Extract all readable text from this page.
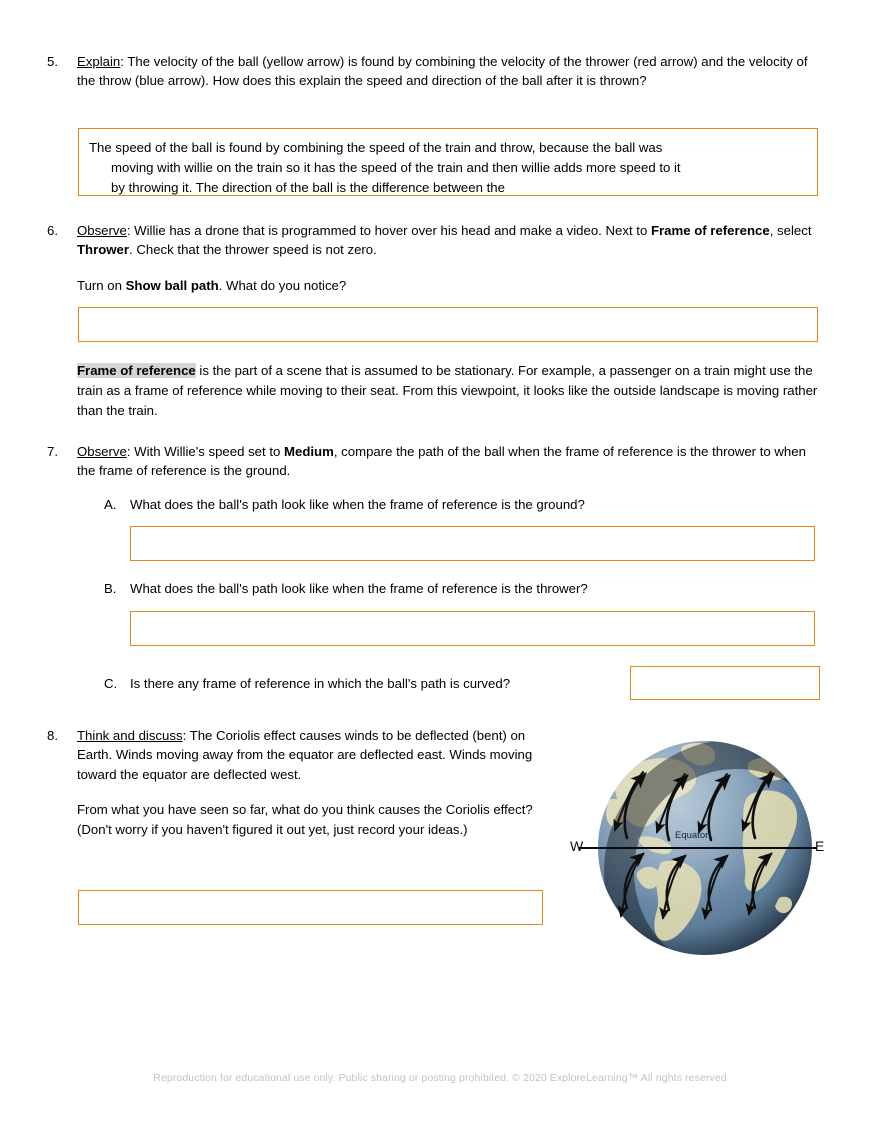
5.	Explain: The velocity of the ball (yellow arrow) is found by combining the velocity of the thrower (red arrow) and the velocity of the throw (blue arrow). How does this explain the speed and direction of the ball after it is thrown?

The speed of the ball is found by combining the speed of the train and throw, because the ball was
moving with willie on the train so it has the speed of the train and then willie adds more speed to it
by throwing it. The direction of the ball is the difference between the
6.	Observe: Willie has a drone that is programmed to hover over his head and make a video. Next to Frame of reference, select Thrower. Check that the thrower speed is not zero.

Turn on Show ball path. What do you notice?

Frame of reference is the part of a scene that is assumed to be stationary. For example, a passenger on a train might use the train as a frame of reference while moving to their seat. From this viewpoint, it looks like the outside landscape is moving rather than the train.
7.	Observe: With Willie's speed set to Medium, compare the path of the ball when the frame of reference is the thrower to when the frame of reference is the ground.

A.	What does the ball's path look like when the frame of reference is the ground?
B.	What does the ball's path look like when the frame of reference is the thrower?
C. Is there any frame of reference in which the ball's path is curved?
8.	Think and discuss: The Coriolis effect causes winds to be deflected (bent) on Earth. Winds moving away from the equator are deflected east. Winds moving toward the equator are deflected west.

From what you have seen so far, what do you think causes the Coriolis effect? (Don't worry if you haven't figured it out yet, just record your ideas.)

W	E
Equator
Reproduction for educational use only. Public sharing or posting prohibited. © 2020 ExploreLearning™ All rights reserved
